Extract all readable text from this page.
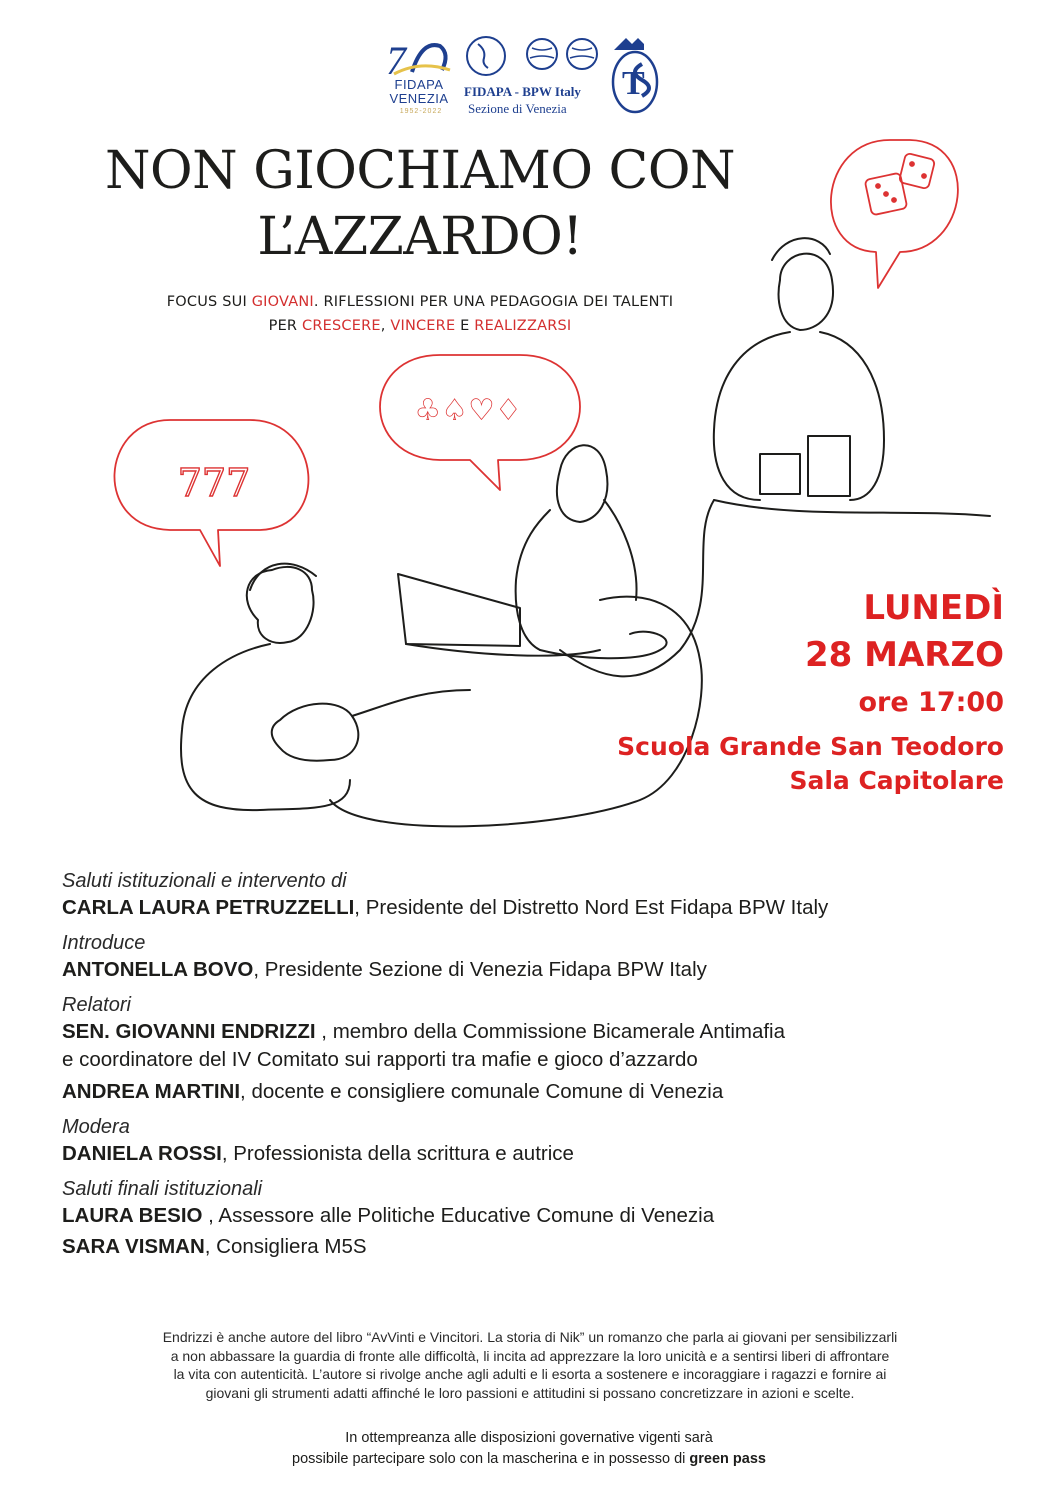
7
T
FIDAPA
VENEZIA
1952-2022
FIDAPA - BPW Italy
Sezione di Venezia
NON GIOCHIAMO CON
L’AZZARDO!
FOCUS SUI GIOVANI. RIFLESSIONI PER UNA PEDAGOGIA DEI TALENTI
PER CRESCERE, VINCERE E REALIZZARSI
777
♧♤♡♢
LUNEDÌ
28 MARZO
ore 17:00
Scuola Grande San Teodoro
Sala Capitolare
Saluti istituzionali e intervento di
CARLA LAURA PETRUZZELLI, Presidente del Distretto Nord Est Fidapa BPW Italy
Introduce
ANTONELLA BOVO, Presidente Sezione di Venezia Fidapa BPW Italy
Relatori
SEN. GIOVANNI ENDRIZZI , membro della Commissione Bicamerale Antimafia
e coordinatore del IV Comitato sui rapporti tra mafie e gioco d’azzardo
ANDREA MARTINI, docente e consigliere comunale Comune di Venezia
Modera
DANIELA ROSSI, Professionista della scrittura e autrice
Saluti finali istituzionali
LAURA BESIO , Assessore alle Politiche Educative Comune di Venezia
SARA VISMAN, Consigliera M5S
Endrizzi è anche autore del libro “AvVinti e Vincitori. La storia di Nik” un romanzo che parla ai giovani per sensibilizzarli
a non abbassare la guardia di fronte alle difficoltà, li incita ad apprezzare la loro unicità e a sentirsi liberi di affrontare
la vita con autenticità. L’autore si rivolge anche agli adulti e li esorta a sostenere e incoraggiare i ragazzi e fornire ai
giovani gli strumenti adatti affinché le loro passioni e attitudini si possano concretizzare in azioni e scelte.
In ottempreanza alle disposizioni governative vigenti sarà
possibile partecipare solo con la mascherina e in possesso di green pass
